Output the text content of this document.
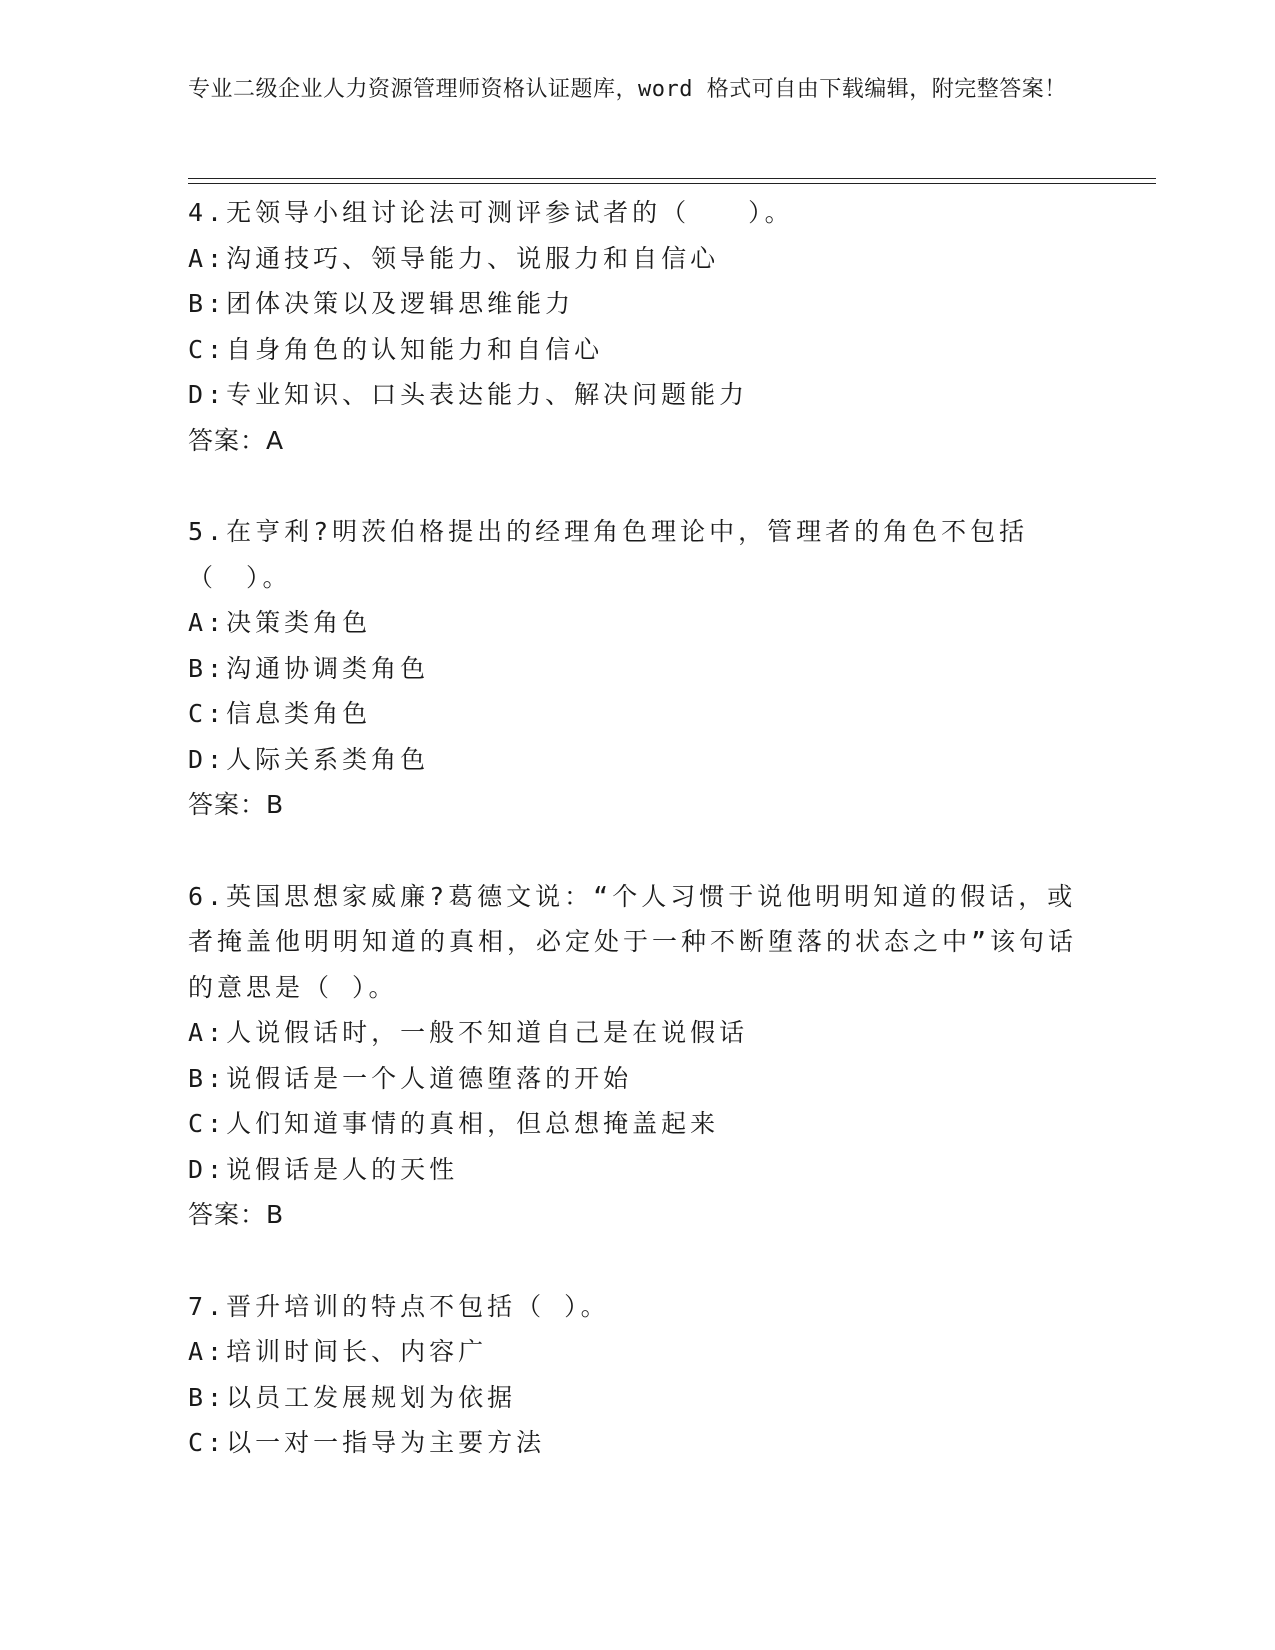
专业二级企业人力资源管理师资格认证题库，word 格式可自由下载编辑，附完整答案！
4.无领导小组讨论法可测评参试者的（　　）。
A: 沟通技巧、领导能力、说服力和自信心
B: 团体决策以及逻辑思维能力
C: 自身角色的认知能力和自信心
D: 专业知识、口头表达能力、解决问题能力
答案：A
5.在亨利?明茨伯格提出的经理角色理论中，管理者的角色不包括（　）。
A: 决策类角色
B: 沟通协调类角色
C: 信息类角色
D: 人际关系类角色
答案：B
6.英国思想家威廉?葛德文说：“个人习惯于说他明明知道的假话，或者掩盖他明明知道的真相，必定处于一种不断堕落的状态之中”该句话的意思是（ ）。
A: 人说假话时，一般不知道自己是在说假话
B: 说假话是一个人道德堕落的开始
C: 人们知道事情的真相，但总想掩盖起来
D: 说假话是人的天性
答案：B
7.晋升培训的特点不包括（ ）。
A: 培训时间长、内容广
B: 以员工发展规划为依据
C: 以一对一指导为主要方法
